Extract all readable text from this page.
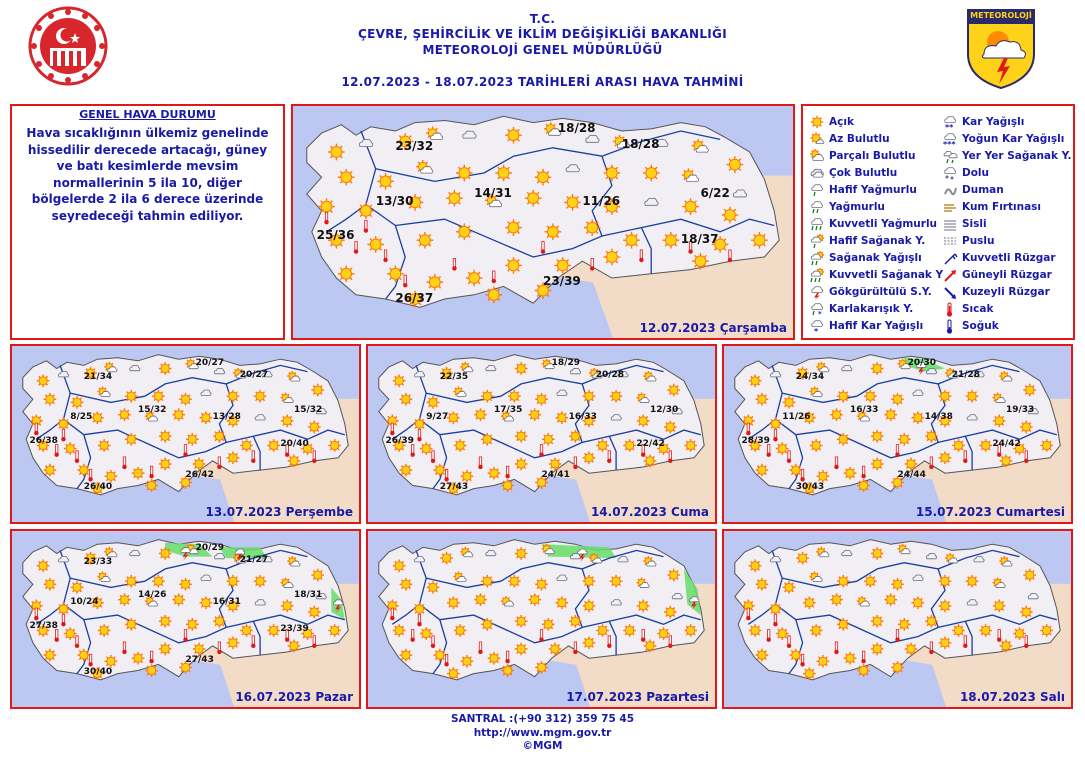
T.C.
ÇEVRE, ŞEHİRCİLİK VE İKLİM DEĞİŞİKLİĞİ BAKANLIĞI
METEOROLOJİ GENEL MÜDÜRLÜĞÜ
12.07.2023 - 18.07.2023 TARİHLERİ ARASI HAVA TAHMİNİ
METEOROLOJİ
GENEL HAVA DURUMU
Hava sıcaklığının ülkemiz genelinde hissedilir derecede artacağı, güney ve batı kesimlerde mevsim normallerinin 5 ila 10, diğer bölgelerde 2 ila 6 derece üzerinde seyredeceği tahmin ediliyor.
12.07.2023 Çarşamba
23/32
18/28
18/28
6/22
13/30
14/31
11/26
25/36	18/37
23/39
26/37
Açık
Az Bulutlu
Parçalı Bulutlu
Çok Bulutlu
Hafif Yağmurlu
Yağmurlu
Kuvvetli Yağmurlu
Hafif Sağanak Y.
Sağanak Yağışlı
Kuvvetli Sağanak Y
Gökgürültülü S.Y.
* Karlakarışık Y.
* Hafif Kar Yağışlı
** Kar Yağışlı
*** Yoğun Kar Yağışlı
Yer Yer Sağanak Y.
Dolu
Duman
Kum Fırtınası
Sisli
Puslu
Kuvvetli Rüzgar
Güneyli Rüzgar
Kuzeyli Rüzgar
Sıcak
Soğuk
13.07.2023 Perşembe
21/34
20/27
20/27
15/32
8/25
15/32
13/28
26/38	20/40
26/42
26/40
14.07.2023 Cuma
22/35
18/29
20/28
12/30
9/27
17/35
16/33
26/39	22/42
24/41
27/43
15.07.2023 Cumartesi
24/34
20/30
21/28
19/33
11/26
16/33
14/38
28/39	24/42
24/44
30/43
16.07.2023 Pazar
23/33
20/29
21/27
18/31
10/24
14/26
16/31
27/38	23/39
27/43
30/40
17.07.2023 Pazartesi	18.07.2023 Salı
SANTRAL :(+90 312) 359 75 45
http://www.mgm.gov.tr
©MGM
